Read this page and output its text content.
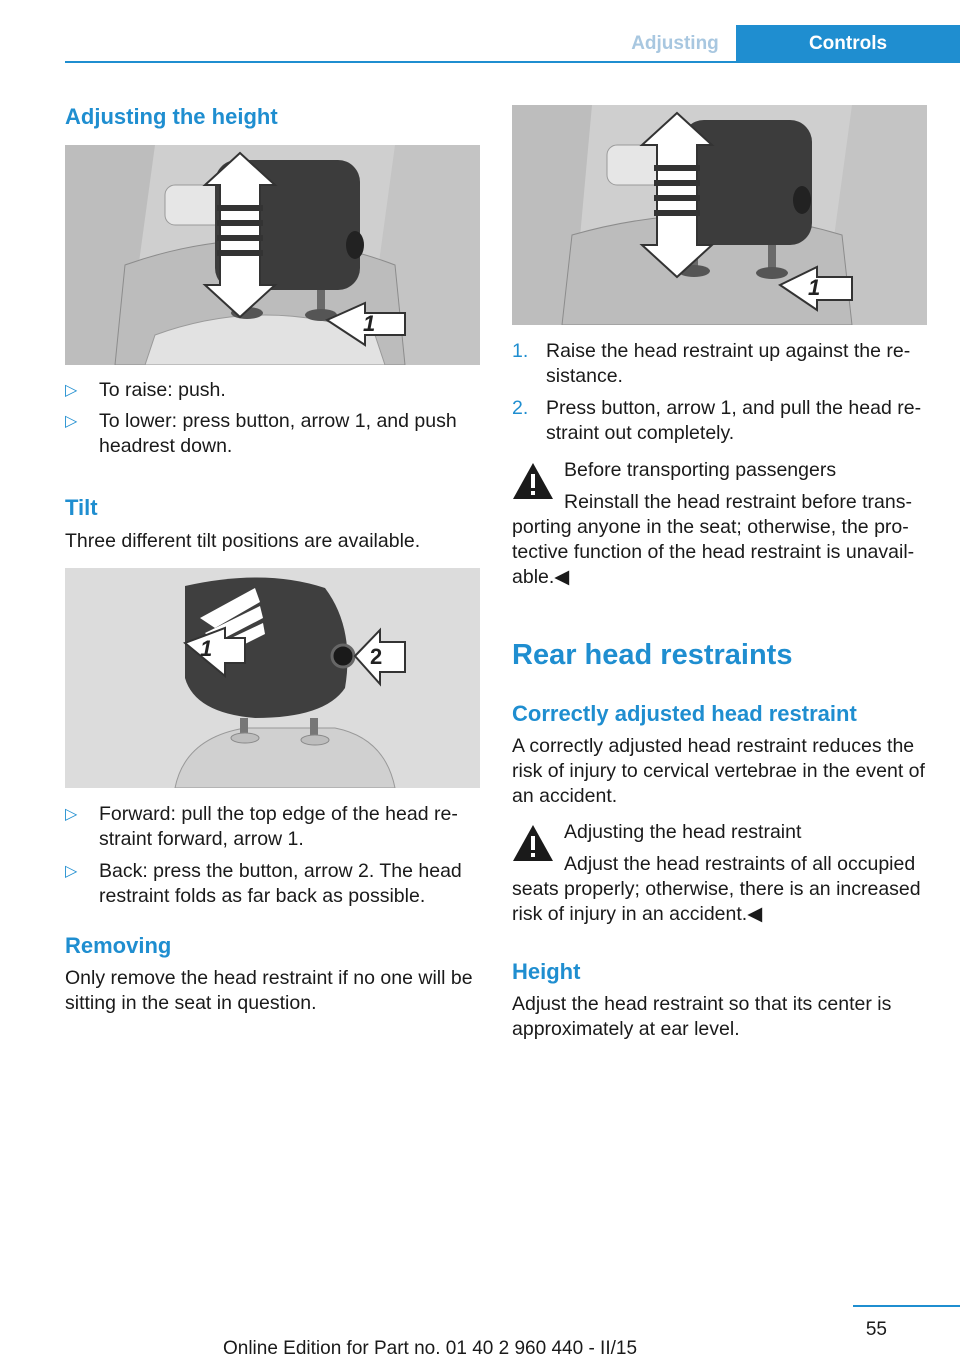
Adjusting	Controls
Adjusting the height
1
▷	To raise: push.
▷	To lower: press button, arrow 1, and push headrest down.
Tilt
Three different tilt positions are available.
1	2
▷	Forward: pull the top edge of the head restraint forward, arrow 1.
▷	Back: press the button, arrow 2. The head restraint folds as far back as possible.
Removing
Only remove the head restraint if no one will be sitting in the seat in question.
1
1. Raise the head restraint up against the resistance.
2. Press button, arrow 1, and pull the head restraint out completely.
Before transporting passengers
Reinstall the head restraint before transporting anyone in the seat; otherwise, the protective function of the head restraint is unavailable.◀
Rear head restraints
Correctly adjusted head restraint
A correctly adjusted head restraint reduces the risk of injury to cervical vertebrae in the event of an accident.
Adjusting the head restraint
Adjust the head restraints of all occupied seats properly; otherwise, there is an increased risk of injury in an accident.◀
Height
Adjust the head restraint so that its center is approximately at ear level.
55
Online Edition for Part no. 01 40 2 960 440 - II/15
